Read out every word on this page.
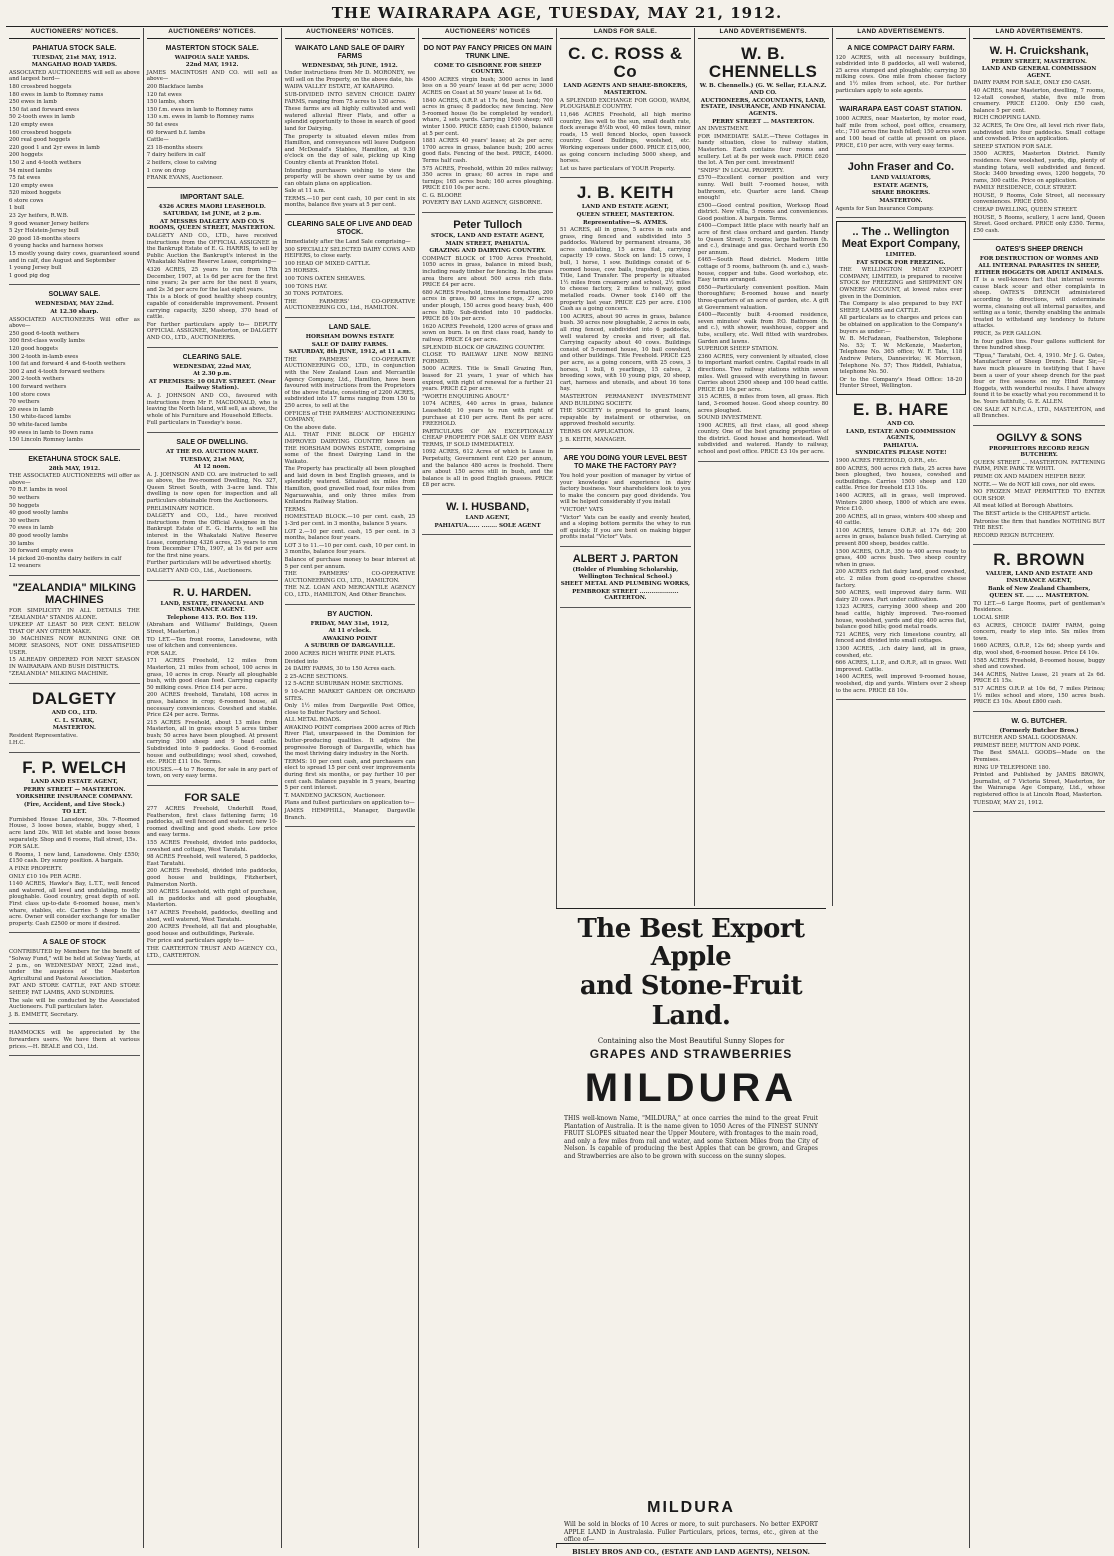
THE WAIRARAPA AGE, TUESDAY, MAY 21, 1912.
AUCTIONEERS' NOTICES.
PAHIATUA STOCK SALE.
TUESDAY, 21st MAY, 1912.
MANGAHAO ROAD YARDS.

ASSOCIATED AUCTIONEERS will sell as above and largest herd—

180 crossbred hoggets

180 ewes in lamb to Romney rams

250 ewes in lamb

150 fat and forward ewes

50 2-tooth ewes in lamb

120 empty ewes

160 crossbred hoggets

200 real good hoggets

220 good 1 and 2yr ewes in lamb

200 hoggets

150 2 and 4-tooth wethers

54 mixed lambs

75 fat ewes

120 empty ewes

520 mixed hoggets

6 store cows

1 bull

23 2yr heifers, R.W.B.

9 good weaner Jersey heifers

5 2yr Holstein-Jersey bull

20 good 18-months steers

6 young hacks and harness horses

15 mostly young dairy cows, guaranteed sound and in calf, due August and September

1 young Jersey bull

1 good pig dog

SOLWAY SALE.
WEDNESDAY, MAY 22nd.
At 12.30 sharp.

ASSOCIATED AUCTIONEERS Will offer as above—

250 good 6-tooth wethers

300 first-class woolly lambs

120 good hoggets

300 2-tooth in-lamb ewes

100 fat and forward 4 and 6-tooth wethers

300 2 and 4-tooth forward wethers

200 2-tooth wethers

100 forward wethers

100 store cows

70 wethers

20 ewes in lamb

150 white-faced lambs

50 white-faced lambs

90 ewes in lamb to Down rams

150 Lincoln Romney lambs

EKETAHUNA STOCK SALE.
28th MAY, 1912.

THE ASSOCIATED AUCTIONEERS will offer as above—

70 B.F. lambs in wool

50 wethers

50 hoggets

40 good woolly lambs

30 wethers

70 ewes in lamb

80 good woolly lambs

30 lambs

30 forward empty ewes

14 picked 20-months dairy heifers in calf

12 weaners

"ZEALANDIA" MILKING MACHINES

FOR SIMPLICITY IN ALL DETAILS THE "ZEALANDIA" STANDS ALONE.

UPKEEP AT LEAST 50 PER CENT. BELOW THAT OF ANY OTHER MAKE.

30 MACHINES NOW RUNNING ONE OR MORE SEASONS, NOT ONE DISSATISFIED USER.

15 ALREADY ORDERED FOR NEXT SEASON IN WAIRARAPA AND BUSH DISTRICTS.

"ZEALANDIA" MILKING MACHINE.

DALGETY
AND CO., LTD.
C. L. STARK,
MASTERTON.

Resident Representative.

I.H.C.

F. P. WELCH
LAND AND ESTATE AGENT,
PERRY STREET — MASTERTON.
YORKSHIRE INSURANCE COMPANY.
(Fire, Accident, and Live Stock.)
TO LET.

Furnished House Lansdowne, 30s. 7-Roomed House, 3 loose boxes, stable, buggy shed, 1 acre land 20s. Will let stable and loose boxes separately. Shop and 6 rooms, Hall street, 15s.

FOR SALE.

6 Rooms, 1 new land, Lansdowne. Only £550; £150 cash. Dry sunny position. A bargain.

A FINE PROPERTY.

ONLY £10 10s PER ACRE.

1140 ACRES, Hawke's Bay, L.T.T., well fenced and watered, all level and undulating, mostly ploughable. Good country, great depth of soil. First class up-to-date 6-roomed house, men's whare, stables, etc. Carries 5 sheep to the acre. Owner will consider exchange for smaller property. Cash £2500 or more if desired.

A SALE OF STOCK

CONTRIBUTED by Members for the benefit of "Solway Fund," will be held at Solway Yards, at 2 p.m., on WEDNESDAY NEXT, 22nd inst., under the auspices of the Masterton Agricultural and Pastoral Association.

FAT AND STORE CATTLE, FAT AND STORE SHEEP, FAT LAMBS, AND SUNDRIES.

The sale will be conducted by the Associated Auctioneers. Full particulars later.

J. B. EMMETT, Secretary.

HAMMOCKS will be appreciated by the forwarders users. We have them at various prices.—H. BEALE and CO., Ltd.

AUCTIONEERS' NOTICES.
MASTERTON STOCK SALE.
WAIPOUA SALE YARDS.
22nd MAY, 1912.

JAMES MACINTOSH AND CO. will sell as above—

200 Blackface lambs

120 fat ewes

150 lambs, shorn

150 f.m. ewes in lamb to Romney rams

130 s.m. ewes in lamb to Romney rams

50 fat ewes

60 forward b.f. lambs

Cattle—

23 18-months steers

7 dairy heifers in calf

2 heifers, close to calving

1 cow on drop

FRANK EVANS, Auctioneer.

IMPORTANT SALE.
4326 ACRES MAORI LEASEHOLD.
SATURDAY, 1st JUNE, at 2 p.m.
AT MESSRS DALGETY AND CO.'S ROOMS, QUEEN STREET, MASTERTON.

DALGETY AND CO., LTD., have received instructions from the OFFICIAL ASSIGNEE in the Bankrupt Estate of E. G. HARRIS, to sell by Public Auction the Bankrupt's interest in the Whakataki Native Reserve Lease, comprising—

4326 ACRES, 25 years to run from 17th December, 1907, at 1s 6d per acre for the first nine years; 2s per acre for the next 8 years, and 2s 3d per acre for the last eight years.

This is a block of good healthy sheep country, capable of considerable improvement. Present carrying capacity, 3250 sheep, 370 head of cattle.

For further particulars apply to— DEPUTY OFFICIAL ASSIGNEE, Masterton, or DALGETY AND CO., LTD., AUCTIONEERS.

CLEARING SALE.
WEDNESDAY, 22nd MAY,
At 2.30 p.m.
AT PREMISES: 10 OLIVE STREET. (Near Railway Station).

A. J. JOHNSON AND CO., favoured with instructions from Mr F. MACDONALD, who is leaving the North Island, will sell, as above, the whole of his Furniture and Household Effects.

Full particulars in Tuesday's issue.

SALE OF DWELLING.
AT THE P.O. AUCTION MART.
TUESDAY, 21st MAY,
At 12 noon.

A. J. JOHNSON AND CO. are instructed to sell as above, the five-roomed Dwelling, No. 327, Queen Street South, with 3-acre land. This dwelling is now open for inspection and all particulars obtainable from the Auctioneers.

PRELIMINARY NOTICE.

DALGETY and CO., Ltd., have received instructions from the Official Assignee in the Bankrupt Estate of E. G. Harris, to sell his interest in the Whakataki Native Reserve Lease, comprising 4326 acres, 25 years to run from December 17th, 1907, at 1s 6d per acre for the first nine years.

Further particulars will be advertised shortly.

DALGETY AND CO., Ltd., Auctioneers.

R. U. HARDEN.
LAND, ESTATE, FINANCIAL AND INSURANCE AGENT.
Telephone 413. P.O. Box 119.

(Abraham and Williams' Buildings, Queen Street, Masterton.)

TO LET.—Ten front rooms, Lansdowne, with use of kitchen and conveniences.

FOR SALE.

171 ACRES Freehold, 12 miles from Masterton, 21 miles from school, 100 acres in grass, 10 acres in crop. Nearly all ploughable bush, with good clean feed. Carrying capacity 50 milking cows. Price £14 per acre.

200 ACRES freehold, Taratahi, 108 acres in grass, balance in crop; 6-roomed house, all necessary conveniences. Cowshed and stable. Price £24 per acre. Terms.

215 ACRES Freehold, about 13 miles from Masterton, all in grass except 5 acres timber bush; 50 acres have been ploughed. At present carrying 300 sheep and 9 head cattle. Subdivided into 9 paddocks. Good 6-roomed house and outbuildings; wool shed, cowshed, etc. PRICE £11 10s. Terms.

HOUSES.—4 to 7 Rooms, for sale in any part of town, on very easy terms.

FOR SALE

277 ACRES Freehold, Underhill Road, Featherston, first class fattening farm; 16 paddocks, all well fenced and watered; new 10-roomed dwelling and good sheds. Low price and easy terms.

155 ACRES Freehold, divided into paddocks, cowshed and cottage, West Taratahi.

98 ACRES Freehold, well watered, 5 paddocks, East Taratahi.

200 ACRES Freehold, divided into paddocks, good house and buildings, Fitzherbert, Palmerston North.

300 ACRES Leasehold, with right of purchase, all in paddocks and all good ploughable, Masterton.

147 ACRES Freehold, paddocks, dwelling and shed, well watered, West Taratahi.

200 ACRES Freehold, all flat and ploughable, good house and outbuildings, Parkvale.

For price and particulars apply to—

THE CARTERTON TRUST AND AGENCY CO., LTD., CARTERTON.

AUCTIONEERS' NOTICES.
WAIKATO LAND SALE OF DAIRY FARMS
WEDNESDAY, 5th JUNE, 1912.

Under instructions from Mr D. MORONEY, we will sell on the Property, on the above date, his

WAIPA VALLEY ESTATE, AT KARAPIRO.

SUB-DIVIDED INTO SEVEN CHOICE DAIRY FARMS, ranging from 75 acres to 130 acres.

These farms are all highly cultivated and well watered alluvial River Flats, and offer a splendid opportunity to those in search of good land for Dairying.

The property is situated eleven miles from Hamilton, and conveyances will leave Dudgeon and McDonald's Stables, Hamilton, at 9.30 o'clock on the day of sale, picking up King Country clients at Frankton Hotel.

Intending purchasers wishing to view the property will be shown over same by us and can obtain plans on application.

Sale at 11 a.m.

TERMS.—10 per cent cash, 10 per cent in six months, balance five years at 5 per cent.

CLEARING SALE OF LIVE AND DEAD STOCK.

Immediately after the Land Sale comprising—

300 SPECIALLY SELECTED DAIRY COWS AND HEIFERS, to close early.

100 HEAD OF MIXED CATTLE.

25 HORSES.

100 TONS OATEN SHEAVES.

100 TONS HAY.

30 TONS POTATOES.

THE FARMERS' CO-OPERATIVE AUCTIONEERING CO., Ltd., HAMILTON.

LAND SALE.
HORSHAM DOWNS ESTATE
SALE OF DAIRY FARMS.
SATURDAY, 8th JUNE, 1912, at 11 a.m.

THE FARMERS' CO-OPERATIVE AUCTIONEERING CO., LTD., in conjunction with the New Zealand Loan and Mercantile Agency Company, Ltd., Hamilton, have been favoured with instructions from the Proprietors of the above Estate, consisting of 2200 ACRES, subdivided into 17 farms ranging from 150 to 250 acres, to sell at the

OFFICES of THE FARMERS' AUCTIONEERING COMPANY,

On the above date.

ALL THAT FINE BLOCK OF HIGHLY IMPROVED DAIRYING COUNTRY known as THE HORSHAM DOWNS ESTATE, comprising some of the finest Dairying Land in the Waikato.

The Property has practically all been ploughed and laid down in best English grasses, and is splendidly watered. Situated six miles from Hamilton, good gravelled road, four miles from Ngaruawahia, and only three miles from Knilandra Railway Station.

TERMS.

HOMESTEAD BLOCK.—10 per cent. cash, 25 1-3rd per cent. in 3 months, balance 5 years.

LOT 2.—10 per cent. cash, 15 per cent. in 3 months, balance four years.

LOT 3 to 11.—10 per cent. cash, 10 per cent. in 3 months, balance four years.

Balance of purchase money to bear interest at 5 per cent per annum.

THE FARMERS' CO-OPERATIVE AUCTIONEERING CO., LTD., HAMILTON.

THE N.Z. LOAN AND MERCANTILE AGENCY CO., LTD., HAMILTON, And Other Branches.

BY AUCTION.
FRIDAY, MAY 31st, 1912,
At 11 o'clock.
AWAKINO POINT
A SUBURB OF DARGAVILLE.

2000 ACRES RICH WHITE PINE FLATS.

Divided into

24 DAIRY FARMS, 30 to 150 Acres each.

2 25-ACRE SECTIONS.

12 5-ACRE SUBURBAN HOME SECTIONS.

9 10-ACRE MARKET GARDEN OR ORCHARD SITES.

Only 1½ miles from Dargaville Post Office, close to Butter Factory and School.

ALL METAL ROADS.

AWAKINO POINT comprises 2000 acres of Rich River Flat, unsurpassed in the Dominion for butter-producing qualities. It adjoins the progressive Borough of Dargaville, which has the most thriving dairy industry in the North.

TERMS: 10 per cent cash, and purchasers can elect to spread 15 per cent over improvements during first six months, or pay further 10 per cent cash. Balance payable in 5 years, bearing 5 per cent interest.

T. MANDENO JACKSON, Auctioneer.

Plans and fullest particulars on application to—

JAMES HEMPHILL, Manager, Dargaville Branch.

AUCTIONEERS' NOTICES
DO NOT PAY FANCY PRICES ON MAIN TRUNK LINE.
COME TO GISBORNE FOR SHEEP COUNTRY.

4500 ACRES virgin bush; 3000 acres in land less on a 50 years' lease at 6d per acre; 3000 ACRES on Coast at 50 years' lease at 1s 6d.

1840 ACRES, O.R.P. at 17s 6d, bush land; 700 acres in grass; 8 paddocks; new fencing. New 5-roomed house (to be completed by vendor), whare, 2 sets yards. Carrying 1500 sheep; will winter 1500. PRICE £850; cash £1500, balance at 5 per cent.

1881 ACRES 40 years' lease; at 2s per acre; 1700 acres in grass, balance bush; 200 acres good flats. Fencing of the best. PRICE, £4000. Terms half cash.

575 ACRES, Freehold, within 20 miles railway; 350 acres in grass; 60 acres in rape and turnips; 165 acres bush; 160 acres ploughing. PRICE £10 10s per acre.

C. G. BLOORE

POVERTY BAY LAND AGENCY, GISBORNE.

Peter Tulloch
STOCK, LAND AND ESTATE AGENT,
MAIN STREET, PAHIATUA.
GRAZING AND DAIRYING COUNTRY.

COMPACT BLOCK of 1700 Acres Freehold, 1050 acres in grass, balance in mixed bush, including ready timber for fencing. In the grass area there are about 500 acres rich flats. PRICE £4 per acre.

680 ACRES Freehold, limestone formation, 200 acres in grass, 80 acres in crops, 27 acres under plough, 150 acres good heavy bush, 400 acres hilly. Sub-divided into 10 paddocks. PRICE £6 10s per acre.

1620 ACRES Freehold, 1200 acres of grass and sown on burn. Is on first class road, handy to railway. PRICE £4 per acre.

SPLENDID BLOCK OF GRAZING COUNTRY.

CLOSE TO RAILWAY LINE NOW BEING FORMED.

5000 ACRES. Title is Small Grazing Run, leased for 21 years, 1 year of which has expired, with right of renewal for a further 21 years. PRICE £2 per acre.

"WORTH ENQUIRING ABOUT."

1074 ACRES, 440 acres in grass, balance Leasehold; 10 years to run with right of purchase at £10 per acre. Rent 8s per acre. FREEHOLD.

PARTICULARS OF AN EXCEPTIONALLY CHEAP PROPERTY FOR SALE ON VERY EASY TERMS, IF SOLD IMMEDIATELY.

1092 ACRES, 612 Acres of which is Lease in Perpetuity, Government rent £20 per annum, and the balance 480 acres is freehold. There are about 150 acres still in bush, and the balance is all in good English grasses. PRICE £8 per acre.

W. I. HUSBAND,
LAND AGENT,
PAHIATUA...... ........ SOLE AGENT
LANDS FOR SALE.
C. C. ROSS & Co
LAND AGENTS AND SHARE-BROKERS,
MASTERTON.

A SPLENDID EXCHANGE FOR GOOD, WARM, PLOUGHABLE COUNTRY.

11,646 ACRES Freehold, all high merino country, lies well to the sun, small death rate, flock average 8½lb wool, 40 miles town, minor roads, 15 well fenced blocks, open tussock country. Good Buildings, woolshed, etc. Working expenses under £600. PRICE £15,000, as going concern including 5000 sheep, and horses.

Let us have particulars of YOUR Property.

J. B. KEITH
LAND AND ESTATE AGENT,
QUEEN STREET, MASTERTON.
Representative—S. AYMES.

51 ACRES, all in grass, 5 acres in oats and grass, ring fenced and subdivided into 5 paddocks. Watered by permanent streams, 36 acres undulating, 15 acres flat, carrying capacity 19 cows. Stock on land: 15 cows, 1 bull, 1 horse, 1 sow. Buildings consist of 6-roomed house, cow bails, trapshed, pig sties. Title, Land Transfer. The property is situated 1½ miles from creamery and school, 2½ miles to cheese factory, 2 miles to railway, good metalled roads. Owner took £140 off the property last year. PRICE £25 per acre. £100 Cash as a going concern.

100 ACRES, about 90 acres in grass, balance bush. 30 acres now ploughable, 2 acres in oats, all ring fenced, subdivided into 6 paddocks, well watered by creeks and river, all flat. Carrying capacity about 40 cows. Buildings consist of 5-roomed house, 10 bail cowshed, and other buildings. Title Freehold. PRICE £25 per acre, as a going concern, with 25 cows, 3 horses, 1 bull, 6 yearlings, 15 calves, 2 breeding sows, with 10 young pigs, 20 sheep, cart, harness and utensils, and about 16 tons hay.

MASTERTON PERMANENT INVESTMENT AND BUILDING SOCIETY.

THE SOCIETY is prepared to grant loans, repayable by instalment or otherwise, on approved freehold security.

TERMS ON APPLICATION.

J. B. KEITH, MANAGER.

ARE YOU DOING YOUR LEVEL BEST TO MAKE THE FACTORY PAY?

You hold your position of manager by virtue of your knowledge and experience in dairy factory business. Your shareholders look to you to make the concern pay good dividends. You will be helped considerably if you install

"VICTOR" VATS

"Victor" Vats can be easily and evenly heated, and a sloping bottom permits the whey to run off quickly. If you are bent on making bigger profits instal "Victor" Vats.

ALBERT J. PARTON
(Holder of Plumbing Scholarship, Wellington Technical School.)
SHEET METAL AND PLUMBING WORKS,
PEMBROKE STREET .................... CARTERTON.
LAND ADVERTISEMENTS.
W. B. CHENNELLS
W. B. Chennells.) (G. W. Sellar, F.I.A.N.Z.
AND CO.
AUCTIONEERS, ACCOUNTANTS, LAND, ESTATE, INSURANCE, AND FINANCIAL AGENTS.
PERRY STREET ... MASTERTON.

AN INVESTMENT.

FOR IMMEDIATE SALE.—Three Cottages in handy situation, close to railway station, Masterton. Each contains four rooms and scullery. Let at 8s per week each. PRICE £620 the lot. A Ten per cent. investment!

"SNIPS" IN LOCAL PROPERTY.

£570—Excellent corner position and very sunny. Well built 7-roomed house, with bathroom, etc. Quarter acre land. Cheap enough!

£500—Good central position, Worksop Road district. New villa, 5 rooms and conveniences. Good position. A bargain. Terms.

£400—Compact little place with nearly half an acre of first class orchard and garden. Handy to Queen Street; 5 rooms; large bathroom (h. and c.), drainage and gas. Orchard worth £50 per annum.

£465—South Road district. Modern little cottage of 5 rooms, bathroom (h. and c.), wash-house, copper and tubs. Good workshop, etc. Easy terms arranged.

£650—Particularly convenient position. Main thoroughfare; 8-roomed house and nearly three-quarters of an acre of garden, etc. A gift at Government valuation.

£400—Recently built 4-roomed residence, seven minutes' walk from P.O. Bathroom (h. and c.), with shower, washhouse, copper and tubs, scullery, etc. Well fitted with wardrobes. Garden and lawns.

SUPERIOR SHEEP STATION.

2360 ACRES, very convenient ly situated, close to important market centre. Capital roads in all directions. Two railway stations within seven miles. Well grassed with everything in favour. Carries about 2500 sheep and 100 head cattle. PRICE £8 10s per acre.

315 ACRES, 8 miles from town, all grass. Rich land, 3-roomed house. Good sheep country. 80 acres ploughed.

SOUND INVESTMENT.

1900 ACRES, all first class, all good sheep country. One of the best grazing properties of the district. Good house and homestead. Well subdivided and watered. Handy to railway, school and post office. PRICE £3 10s per acre.

LAND ADVERTISEMENTS.
A NICE COMPACT DAIRY FARM.

120 ACRES, with all necessary buildings, subdivided into 8 paddocks, all well watered, 25 acres stumped and ploughable; carrying 30 milking cows. One mile from cheese factory and 1½ miles from school, etc. For further particulars apply to sole agents.

WAIRARAPA EAST COAST STATION.

1000 ACRES, near Masterton, by motor road, half mile from school, post office, creamery, etc.; 710 acres fine bush felled; 150 acres sown and 100 head of cattle at present on place. PRICE, £10 per acre, with very easy terms.

John Fraser and Co.
LAND VALUATORS,
ESTATE AGENTS,
SHARE BROKERS.
MASTERTON.

Agents for Sun Insurance Company.

.. The .. Wellington Meat Export Company,
LIMITED.
FAT STOCK FOR FREEZING.

THE WELLINGTON MEAT EXPORT COMPANY, LIMITED, is prepared to receive STOCK for FREEZING and SHIPMENT ON OWNERS' ACCOUNT, at lowest rates ever given in the Dominion.

The Company is also prepared to buy FAT SHEEP, LAMBS and CATTLE.

All particulars as to charges and prices can be obtained on application to the Company's buyers as under:—

W. B. McFadzean, Featherston, Telephone No. 53; T. W. McKenzie, Masterton, Telephone No. 365 office; W. F. Tate, 118 Andrew Peters, Dannevirke; W. Morrison, Telephone No. 57; Thos Riddell, Pahiatua, telephone No. 50.

Or to the Company's Head Office: 18-20 Hunter Street, Wellington.

E. B. HARE
AND CO.
LAND, ESTATE AND COMMISSION AGENTS,
PAHIATUA.
SYNDICATES PLEASE NOTE!

1900 ACRES FREEHOLD, O.P.R., etc.

800 ACRES, 500 acres rich flats, 25 acres have been ploughed, two houses, cowshed and outbuildings. Carries 1500 sheep and 120 cattle. Price for freehold £13 10s.

1400 ACRES, all in grass, well improved. Winters 2800 sheep, 1800 of which are ewes. Price £10.

200 ACRES, all in grass, winters 400 sheep and 40 cattle.

1100 ACRES, tenure O.R.P. at 17s 6d; 200 acres in grass, balance bush felled. Carrying at present 800 sheep, besides cattle.

1500 ACRES, O.R.P., 350 to 400 acres ready to grass, 400 acres bush. Two sheep country when in grass.

200 ACRES rich flat dairy land, good cowshed, etc. 2 miles from good co-operative cheese factory.

500 ACRES, well improved dairy farm. Will dairy 20 cows. Part under cultivation.

1323 ACRES, carrying 3000 sheep and 200 head cattle, highly improved. Two-roomed house, woolshed, yards and dip; 400 acres flat, balance good hills; good metal roads.

721 ACRES, very rich limestone country, all fenced and divided into small cottages.

1300 ACRES, ..ich dairy land, all in grass, cowshed, etc.

666 ACRES, L.I.P., and O.R.P., all in grass. Well improved. Cattle.

1400 ACRES, well improved 9-roomed house, woolshed, dip and yards. Winters over 2 sheep to the acre. PRICE £8 10s.

LAND ADVERTISEMENTS.
W. H. Cruickshank,
PERRY STREET, MASTERTON.
LAND AND GENERAL COMMISSION AGENT.

DAIRY FARM FOR SALE, ONLY £50 CASH.

40 ACRES, near Masterton, dwelling, 7 rooms, 12-stall cowshed, stable, five mile from creamery. PRICE £1200. Only £50 cash, balance 5 per cent.

RICH CROPPING LAND.

32 ACRES, Te Ore Ore, all level rich river flats, subdivided into four paddocks. Small cottage and cowshed. Price on application.

SHEEP STATION FOR SALE.

3500 ACRES, Masterton District. Family residence. New woolshed, yards, dip, plenty of standing totara, well subdivided and fenced. Stock: 3400 breeding ewes, 1200 hoggets, 70 rams, 300 cattle. Price on application.

FAMILY RESIDENCE, COLE STREET.

HOUSE, 9 Rooms, Cole Street, all necessary conveniences. PRICE £950.

CHEAP DWELLING, QUEEN STREET.

HOUSE, 5 Rooms, scullery, 1 acre land, Queen Street. Good orchard. PRICE only £350. Terms, £50 cash.

OATES'S SHEEP DRENCH
FOR DESTRUCTION OF WORMS AND ALL INTERNAL PARASITES IN SHEEP, EITHER HOGGETS OR ADULT ANIMALS.

IT is a well-known fact that internal worms cause black scour and other complaints in sheep. OATES'S DRENCH administered according to directions, will exterminate worms, cleansing out all internal parasites, and setting as a tonic, thereby enabling the animals treated to withstand any tendency to future attacks.

PRICE, 3s PER GALLON.

In four gallon tins. Four gallons sufficient for three hundred sheep.

"Tipua," Taratahi, Oct. 4, 1910. Mr J. G. Oates, Manufacturer of Sheep Drench. Dear Sir,—I have much pleasure in testifying that I have been a user of your sheep drench for the past four or five seasons on my Hind Romney Hoggets, with wonderful results. I have always found it to be exactly what you recommend it to be. Yours faithfully, G. E. ALLEN.

ON SALE AT N.F.C.A., LTD., MASTERTON, and all Branches.

OGILVY & SONS
PROPRIETORS RECORD REIGN BUTCHERY.

QUEEN STREET ... MASTERTON. FATTENING FARM, PINE PARK TE WHITI.

PRIME OX AND MAIDEN HEIFER BEEF.

NOTE.— We do NOT kill cows, nor old ewes.

NO FROZEN MEAT PERMITTED TO ENTER OUR SHOP.

All meat killed at Borough Abattoirs.

The BEST article is the CHEAPEST article.

Patronise the firm that handles NOTHING BUT THE BEST.

RECORD REIGN BUTCHERY.

R. BROWN
VALUER, LAND AND ESTATE AND INSURANCE AGENT,
Bank of New Zealand Chambers,
QUEEN ST. .... .... MASTERTON.

TO LET.—6 Large Rooms, part of gentleman's Residence.

LOCAL SHIP.

63 ACRES, CHOICE DAIRY FARM, going concern, ready to step into. Six miles from town.

1660 ACRES, O.R.P., 12s 6d; sheep yards and dip, wool shed, 6-roomed house. Price £4 10s.

1585 ACRES Freehold, 8-roomed house, buggy shed and cowshed.

344 ACRES, Native Lease, 21 years at 2s 6d. PRICE £1 15s.

517 ACRES O.R.P. at 10s 6d, 7 miles Pirinoa; 1½ miles school and store, 150 acres bush. PRICE £3 10s. About £800 cash.

W. G. BUTCHER.
(Formerly Butcher Bros.)

BUTCHER AND SMALL GOODSMAN.

PRIMEST BEEF, MUTTON AND PORK.

The Best SMALL GOODS—Made on the Premises.

RING UP TELEPHONE 180.

Printed and Published by JAMES BROWN, Journalist, of 7 Victoria Street, Masterton, for the Wairarapa Age Company, Ltd., whose registered office is at Lincoln Road, Masterton.

TUESDAY, MAY 21, 1912.

The Best Export Apple
and Stone-Fruit Land.
Containing also the Most Beautiful Sunny Slopes for
GRAPES AND STRAWBERRIES
MILDURA
THIS well-known Name, "MILDURA," at once carries the mind to the great Fruit Plantation of Australia. It is the name given to 1050 Acres of the FINEST SUNNY FRUIT SLOPES situated near the Upper Moutere, with frontages to the main road, and only a few miles from rail and water, and some Sixteen Miles from the City of Nelson. Is capable of producing the best Apples that can be grown, and Grapes and Strawberries are also to be grown with success on the sunny slopes.
MILDURA
Will be sold in blocks of 10 Acres or more, to suit purchasers. No better EXPORT APPLE LAND in Australasia. Fuller Particulars, prices, terms, etc., given at the office of—
BISLEY BROS AND CO., (ESTATE AND LAND AGENTS), NELSON.
